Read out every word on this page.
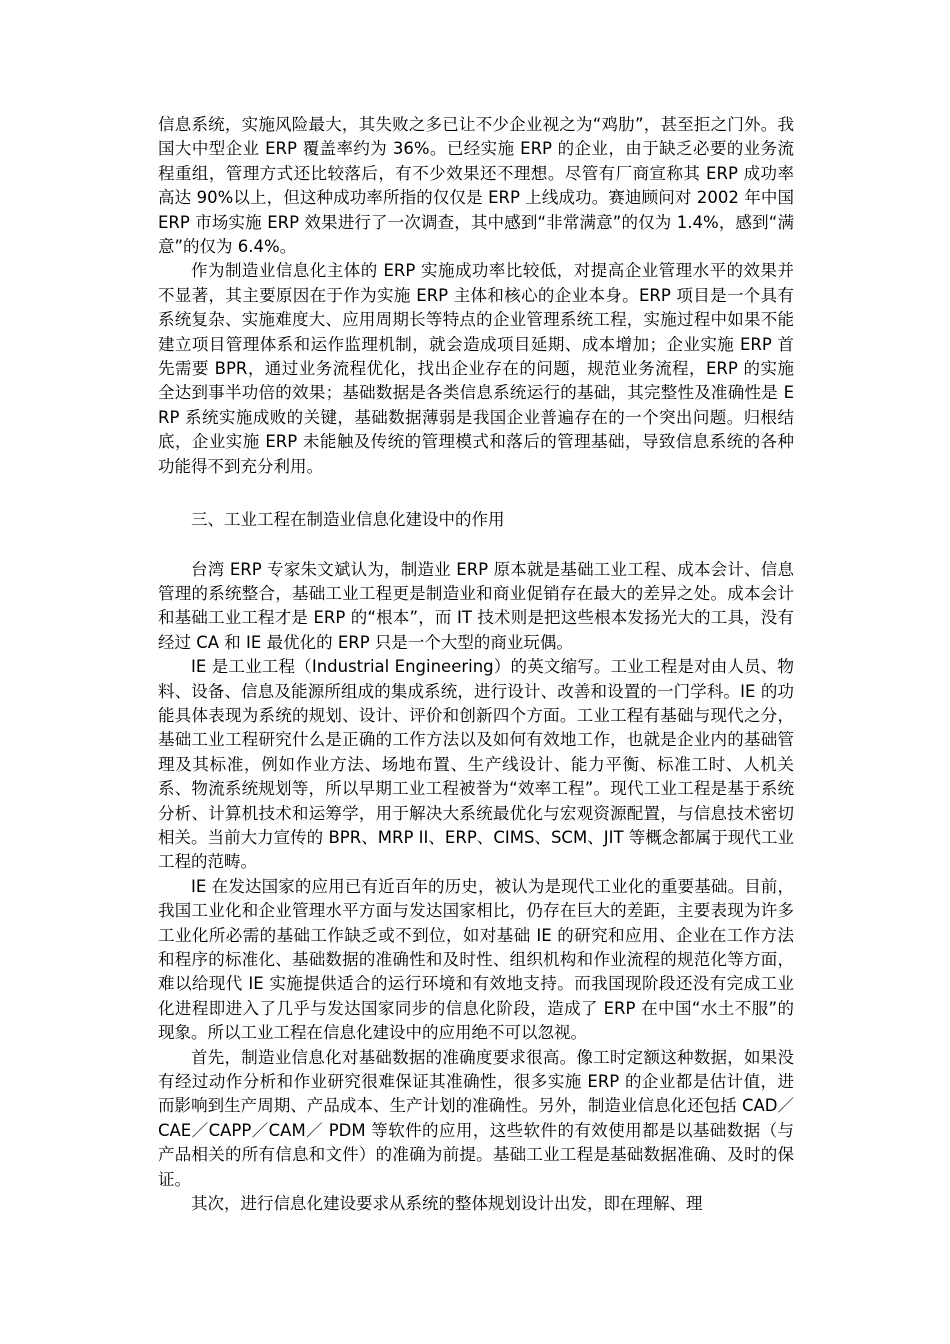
信息系统，实施风险最大，其失败之多已让不少企业视之为“鸡肋”，甚至拒之门外。我国大中型企业 ERP 覆盖率约为 36%。已经实施 ERP 的企业，由于缺乏必要的业务流程重组，管理方式还比较落后，有不少效果还不理想。尽管有厂商宣称其 ERP 成功率高达 90%以上，但这种成功率所指的仅仅是 ERP 上线成功。赛迪顾问对 2002 年中国 ERP 市场实施 ERP 效果进行了一次调查，其中感到“非常满意”的仅为 1.4%，感到“满意”的仅为 6.4%。

作为制造业信息化主体的 ERP 实施成功率比较低，对提高企业管理水平的效果并不显著，其主要原因在于作为实施 ERP 主体和核心的企业本身。ERP 项目是一个具有系统复杂、实施难度大、应用周期长等特点的企业管理系统工程，实施过程中如果不能建立项目管理体系和运作监理机制，就会造成项目延期、成本增加；企业实施 ERP 首先需要 BPR，通过业务流程优化，找出企业存在的问题，规范业务流程，ERP 的实施全达到事半功倍的效果；基础数据是各类信息系统运行的基础，其完整性及准确性是 ERP 系统实施成败的关键，基础数据薄弱是我国企业普遍存在的一个突出问题。归根结底，企业实施 ERP 未能触及传统的管理模式和落后的管理基础，导致信息系统的各种功能得不到充分利用。

三、工业工程在制造业信息化建设中的作用

台湾 ERP 专家朱文斌认为，制造业 ERP 原本就是基础工业工程、成本会计、信息管理的系统整合，基础工业工程更是制造业和商业促销存在最大的差异之处。成本会计和基础工业工程才是 ERP 的“根本”，而 IT 技术则是把这些根本发扬光大的工具，没有经过 CA 和 IE 最优化的 ERP 只是一个大型的商业玩偶。

IE 是工业工程（Industrial Engineering）的英文缩写。工业工程是对由人员、物料、设备、信息及能源所组成的集成系统，进行设计、改善和设置的一门学科。IE 的功能具体表现为系统的规划、设计、评价和创新四个方面。工业工程有基础与现代之分，基础工业工程研究什么是正确的工作方法以及如何有效地工作，也就是企业内的基础管理及其标准，例如作业方法、场地布置、生产线设计、能力平衡、标准工时、人机关系、物流系统规划等，所以早期工业工程被誉为“效率工程”。现代工业工程是基于系统分析、计算机技术和运筹学，用于解决大系统最优化与宏观资源配置，与信息技术密切相关。当前大力宣传的 BPR、MRP II、ERP、CIMS、SCM、JIT 等概念都属于现代工业工程的范畴。

IE 在发达国家的应用已有近百年的历史，被认为是现代工业化的重要基础。目前，我国工业化和企业管理水平方面与发达国家相比，仍存在巨大的差距，主要表现为许多工业化所必需的基础工作缺乏或不到位，如对基础 IE 的研究和应用、企业在工作方法和程序的标准化、基础数据的准确性和及时性、组织机构和作业流程的规范化等方面，难以给现代 IE 实施提供适合的运行环境和有效地支持。而我国现阶段还没有完成工业化进程即进入了几乎与发达国家同步的信息化阶段，造成了 ERP 在中国“水土不服”的现象。所以工业工程在信息化建设中的应用绝不可以忽视。

首先，制造业信息化对基础数据的准确度要求很高。像工时定额这种数据，如果没有经过动作分析和作业研究很难保证其准确性，很多实施 ERP 的企业都是估计值，进而影响到生产周期、产品成本、生产计划的准确性。另外，制造业信息化还包括 CAD／CAE／CAPP／CAM／ PDM 等软件的应用，这些软件的有效使用都是以基础数据（与产品相关的所有信息和文件）的准确为前提。基础工业工程是基础数据准确、及时的保证。

其次，进行信息化建设要求从系统的整体规划设计出发，即在理解、理
